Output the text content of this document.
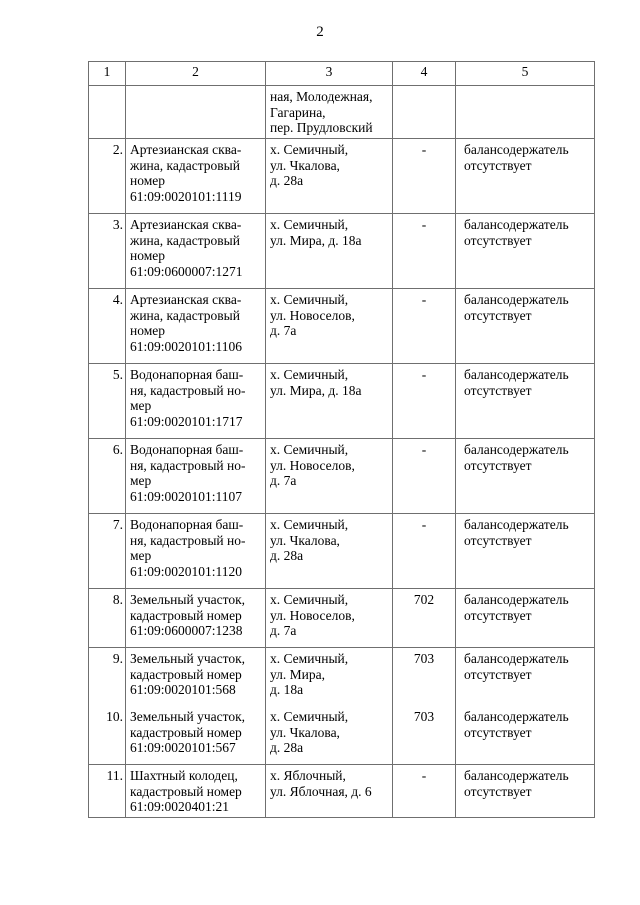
2
1	2	3	4	5
		ная, Молодежная,
Гагарина,
пер. Прудловский		
2.	Артезианская сква-
жина, кадастровый
номер
61:09:0020101:1119	х. Семичный,
ул. Чкалова,
д. 28а	-	балансодержатель
отсутствует
3.	Артезианская сква-
жина, кадастровый
номер
61:09:0600007:1271	х. Семичный,
ул. Мира, д. 18а	-	балансодержатель
отсутствует
4.	Артезианская сква-
жина, кадастровый
номер
61:09:0020101:1106	х. Семичный,
ул. Новоселов,
д. 7а	-	балансодержатель
отсутствует
5.	Водонапорная баш-
ня, кадастровый но-
мер
61:09:0020101:1717	х. Семичный,
ул. Мира, д. 18а	-	балансодержатель
отсутствует
6.	Водонапорная баш-
ня, кадастровый но-
мер
61:09:0020101:1107	х. Семичный,
ул. Новоселов,
д. 7а	-	балансодержатель
отсутствует
7.	Водонапорная баш-
ня, кадастровый но-
мер
61:09:0020101:1120	х. Семичный,
ул. Чкалова,
д. 28а	-	балансодержатель
отсутствует
8.	Земельный участок,
кадастровый номер
61:09:0600007:1238	х. Семичный,
ул. Новоселов,
д. 7а	702	балансодержатель
отсутствует
9.	Земельный участок,
кадастровый номер
61:09:0020101:568	х. Семичный,
ул. Мира,
д. 18а	703	балансодержатель
отсутствует
10.	Земельный участок,
кадастровый номер
61:09:0020101:567	х. Семичный,
ул. Чкалова,
д. 28а	703	балансодержатель
отсутствует
11.	Шахтный колодец,
кадастровый номер
61:09:0020401:21	х. Яблочный,
ул. Яблочная, д. 6	-	балансодержатель
отсутствует
